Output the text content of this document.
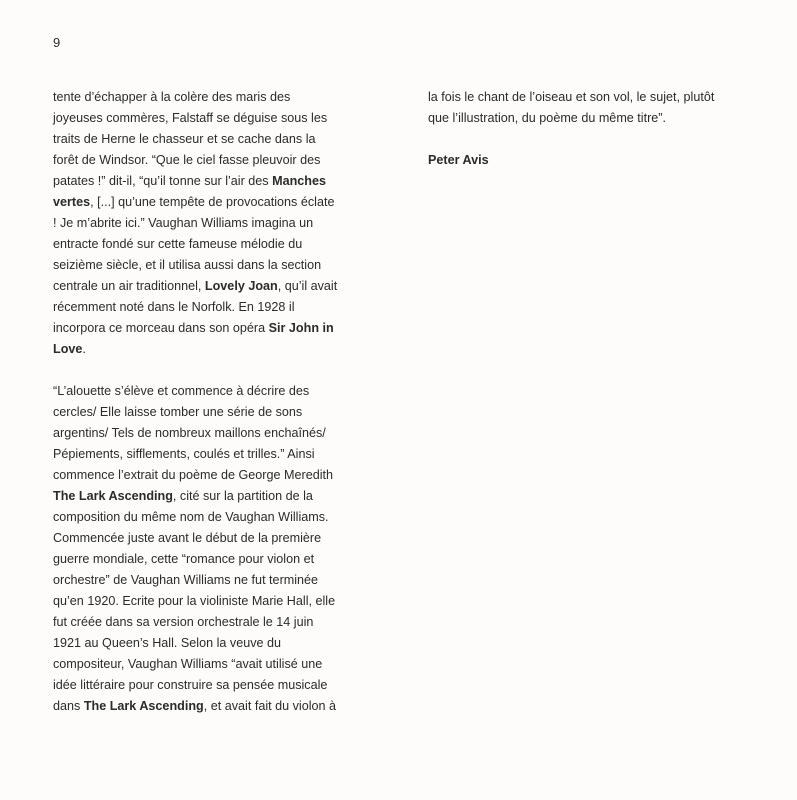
9

tente d’échapper à la colère des maris des
joyeuses commères, Falstaff se déguise sous les
traits de Herne le chasseur et se cache dans la
forêt de Windsor. “Que le ciel fasse pleuvoir des
patates !” dit-il, “qu’il tonne sur l’air des Manches
vertes, [...] qu’une tempête de provocations éclate
! Je m’abrite ici.” Vaughan Williams imagina un
entracte fondé sur cette fameuse mélodie du
seizième siècle, et il utilisa aussi dans la section
centrale un air traditionnel, Lovely Joan, qu’il avait
récemment noté dans le Norfolk. En 1928 il
incorpora ce morceau dans son opéra Sir John in
Love.

“L’alouette s’élève et commence à décrire des
cercles/ Elle laisse tomber une série de sons
argentins/ Tels de nombreux maillons enchaînés/
Pépiements, sifflements, coulés et trilles.” Ainsi
commence l’extrait du poème de George Meredith
The Lark Ascending, cité sur la partition de la
composition du même nom de Vaughan Williams.
Commencée juste avant le début de la première
guerre mondiale, cette “romance pour violon et
orchestre” de Vaughan Williams ne fut terminée
qu’en 1920. Ecrite pour la violiniste Marie Hall, elle
fut créée dans sa version orchestrale le 14 juin
1921 au Queen’s Hall. Selon la veuve du
compositeur, Vaughan Williams “avait utilisé une
idée littéraire pour construire sa pensée musicale
dans The Lark Ascending, et avait fait du violon à

la fois le chant de l’oiseau et son vol, le sujet, plutôt
que l’illustration, du poème du même titre”.

Peter Avis
